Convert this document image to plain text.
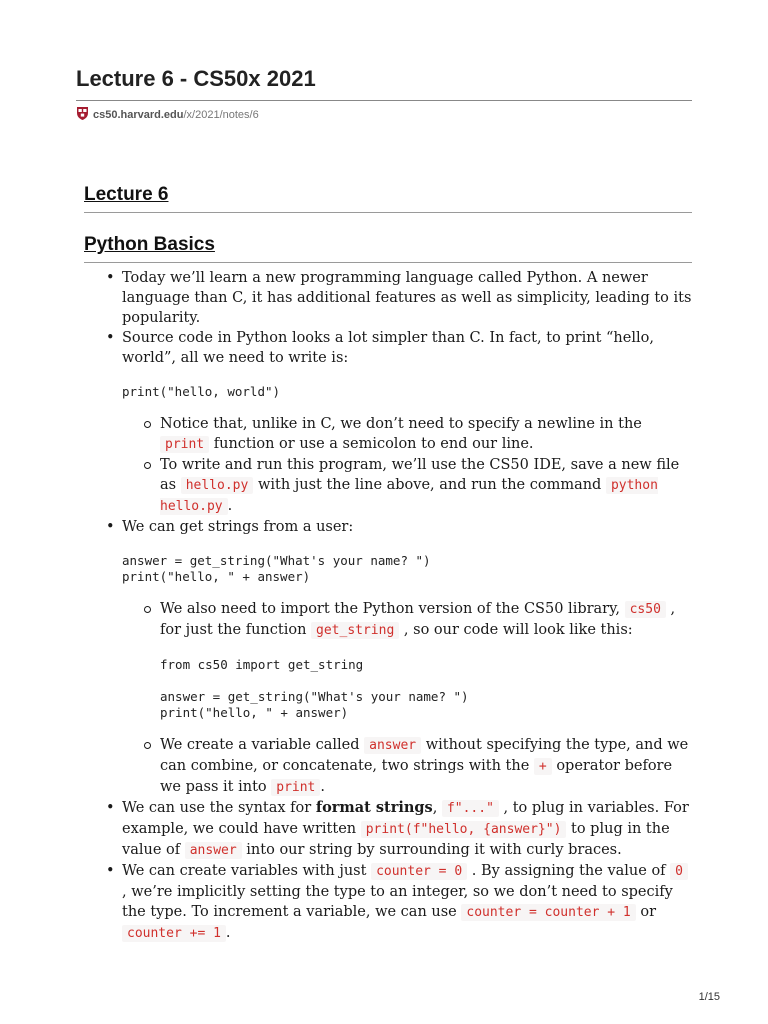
Lecture 6 - CS50x 2021
cs50.harvard.edu/x/2021/notes/6
Lecture 6
Python Basics
• Today we’ll learn a new programming language called Python. A newer language than C, it has additional features as well as simplicity, leading to its popularity.
• Source code in Python looks a lot simpler than C. In fact, to print “hello, world”, all we need to write is:
print("hello, world")
Notice that, unlike in C, we don’t need to specify a newline in the print function or use a semicolon to end our line.
To write and run this program, we’ll use the CS50 IDE, save a new file as hello.py with just the line above, and run the command python hello.py .
• We can get strings from a user:
answer = get_string("What's your name? ")
print("hello, " + answer)
We also need to import the Python version of the CS50 library, cs50 , for just the function get_string , so our code will look like this:
from cs50 import get_string

answer = get_string("What's your name? ")
print("hello, " + answer)
We create a variable called answer without specifying the type, and we can combine, or concatenate, two strings with the + operator before we pass it into print .
• We can use the syntax for format strings, f"..." , to plug in variables. For example, we could have written print(f"hello, {answer}") to plug in the value of answer into our string by surrounding it with curly braces.
• We can create variables with just counter = 0 . By assigning the value of 0 , we’re implicitly setting the type to an integer, so we don’t need to specify the type. To increment a variable, we can use counter = counter + 1 or counter += 1 .
1/15
